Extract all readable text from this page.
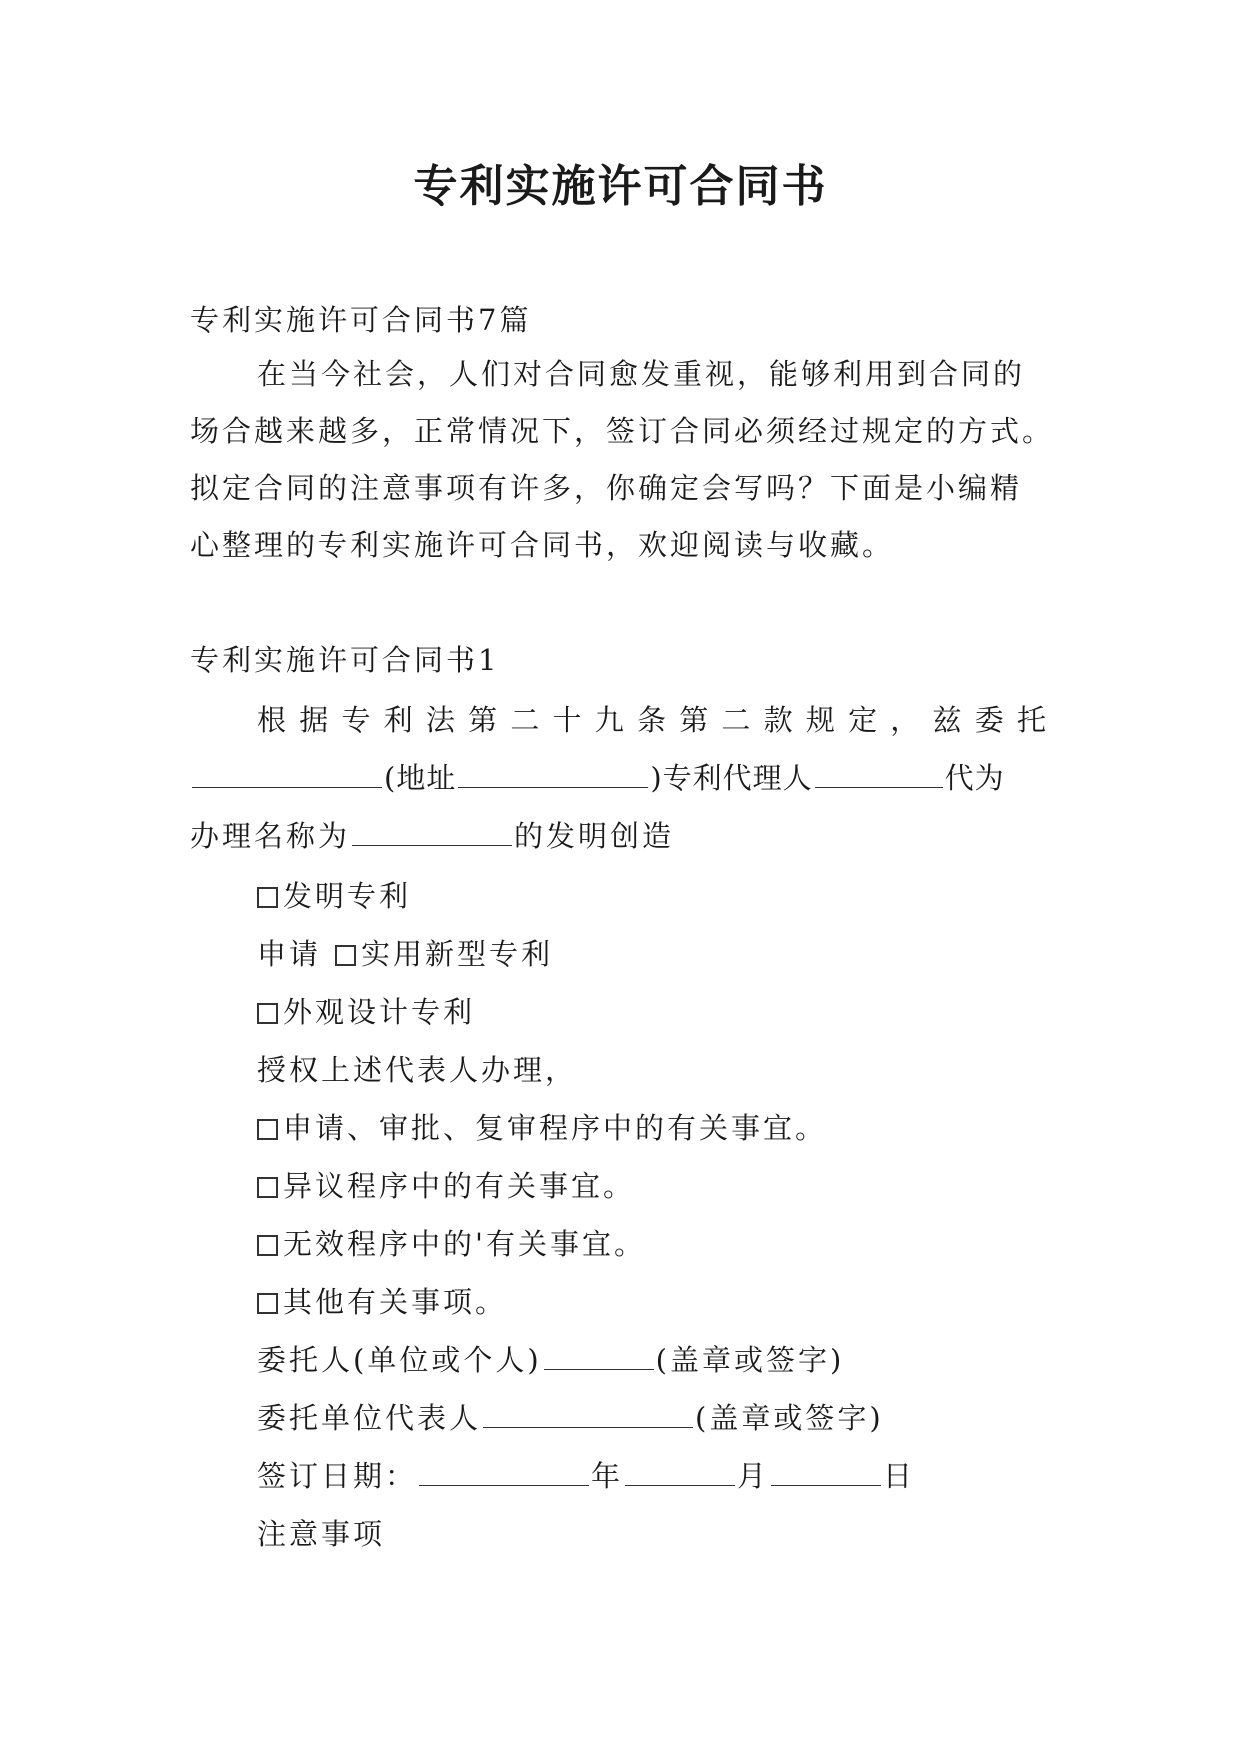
专利实施许可合同书
专利实施许可合同书7篇
在当今社会，人们对合同愈发重视，能够利用到合同的
场合越来越多，正常情况下，签订合同必须经过规定的方式。
拟定合同的注意事项有许多，你确定会写吗？下面是小编精
心整理的专利实施许可合同书，欢迎阅读与收藏。
专利实施许可合同书1
根 据 专 利 法 第 二 十 九 条 第 二 款 规 定 ， 兹 委 托
(地址	)专利代理人	代为
办理名称为	的发明创造
发明专利
申请 实用新型专利
外观设计专利
授权上述代表人办理，
申请、审批、复审程序中的有关事宜。
异议程序中的有关事宜。
无效程序中的'有关事宜。
其他有关事项。
委托人(单位或个人)	(盖章或签字)
委托单位代表人	(盖章或签字)
签订日期：	年	月	日
注意事项
